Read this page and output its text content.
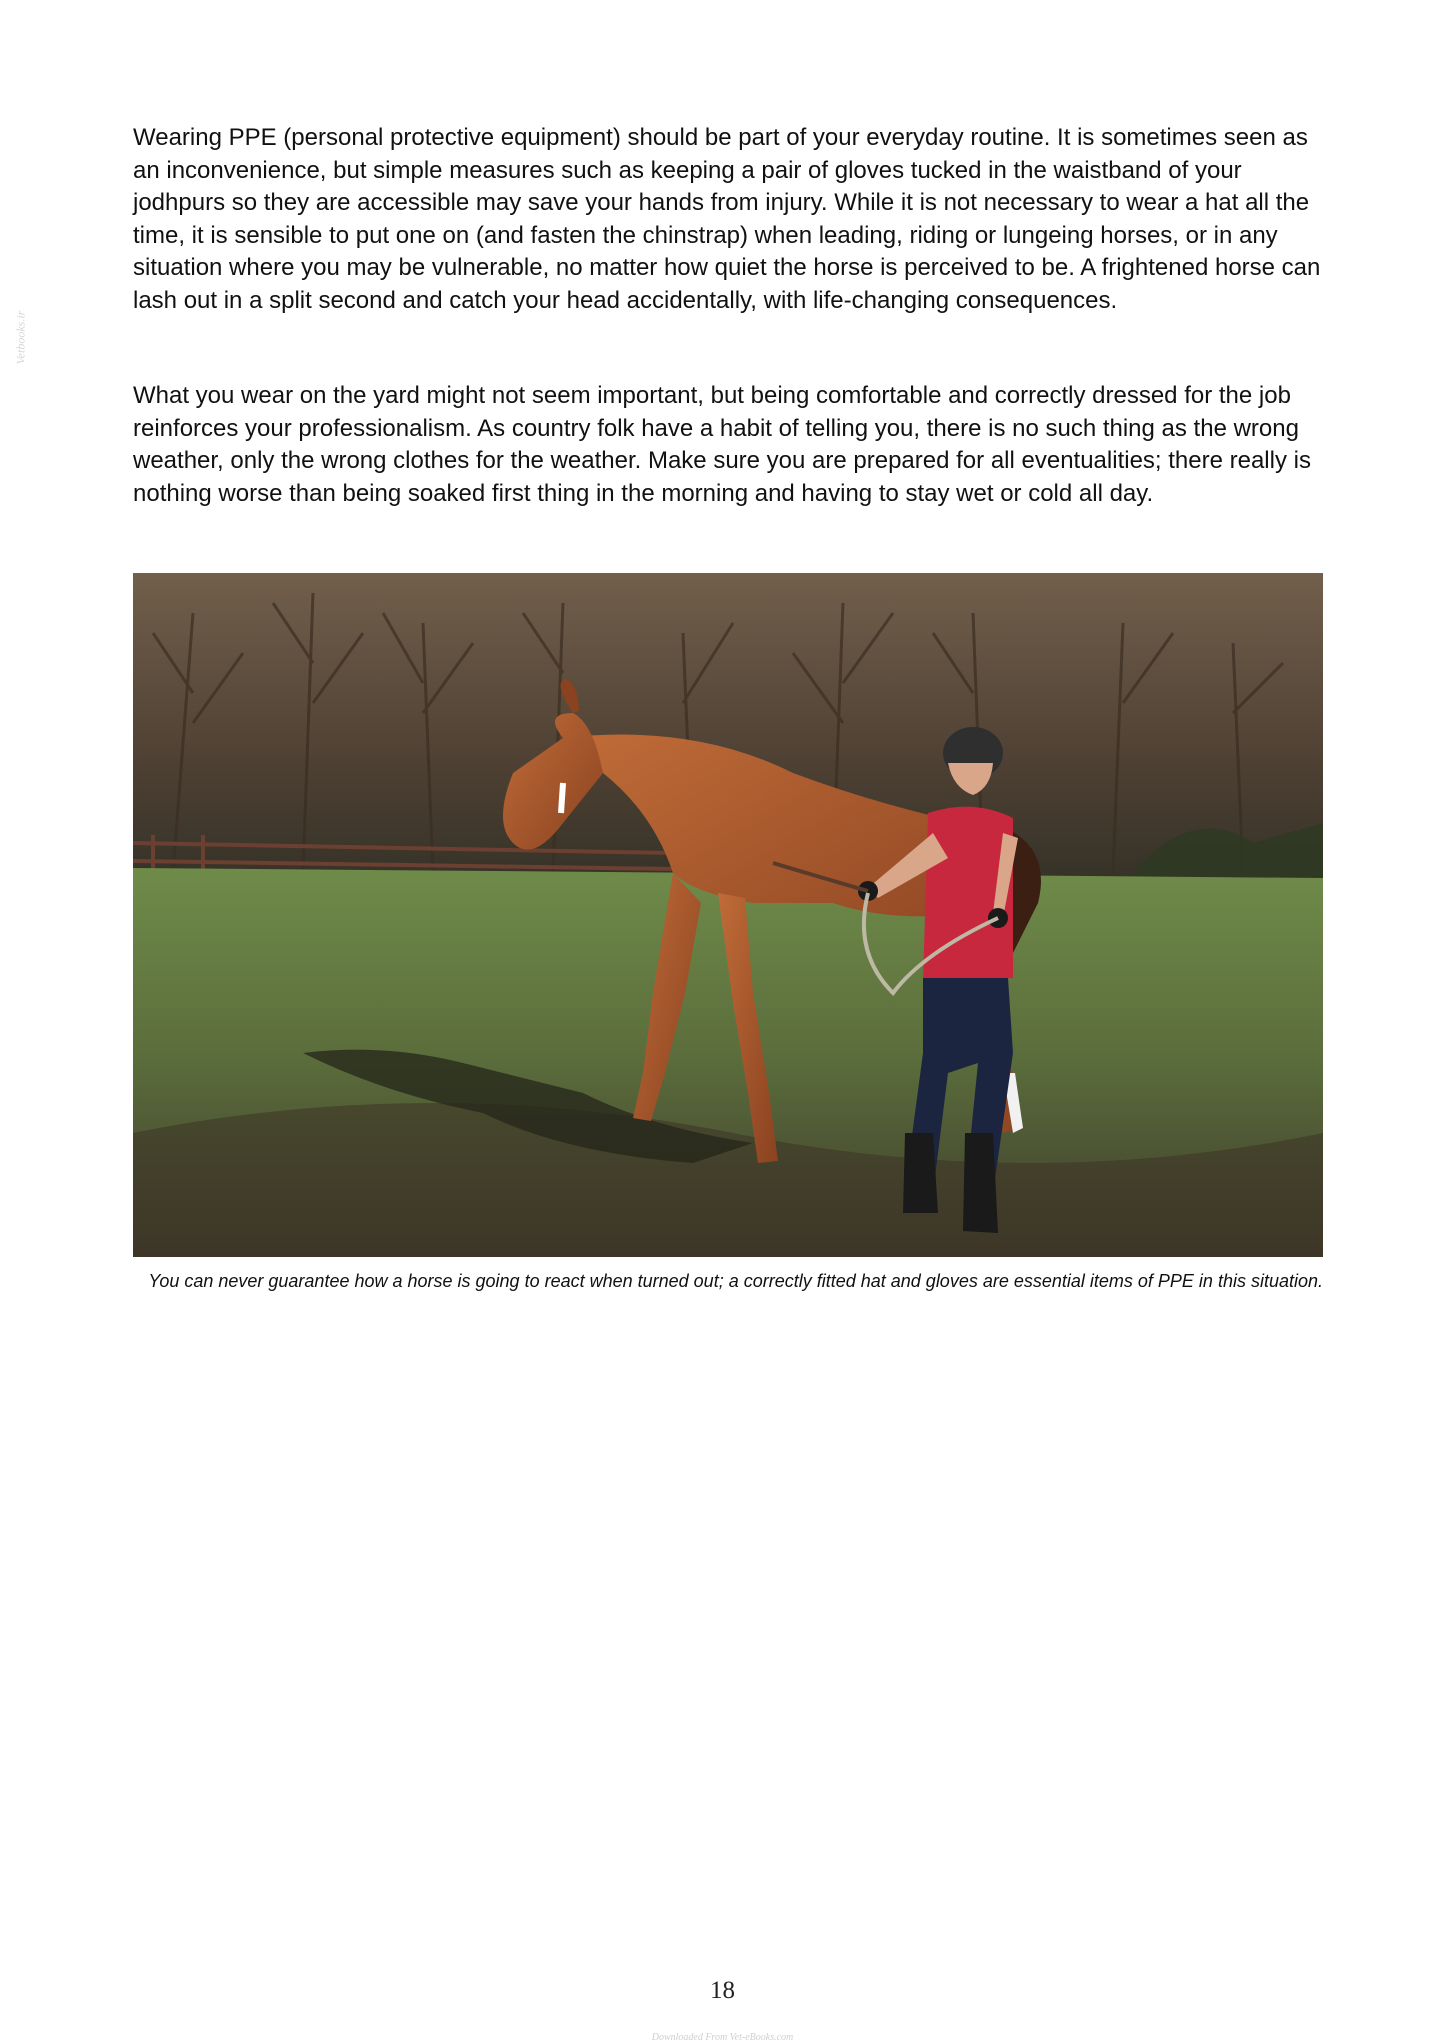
Vetbooks.ir

Wearing PPE (personal protective equipment) should be part of your everyday routine. It is sometimes seen as an inconvenience, but simple measures such as keeping a pair of gloves tucked in the waistband of your jodhpurs so they are accessible may save your hands from injury. While it is not necessary to wear a hat all the time, it is sensible to put one on (and fasten the chinstrap) when leading, riding or lungeing horses, or in any situation where you may be vulnerable, no matter how quiet the horse is perceived to be. A frightened horse can lash out in a split second and catch your head accidentally, with life-changing consequences.

What you wear on the yard might not seem important, but being comfortable and correctly dressed for the job reinforces your professionalism. As country folk have a habit of telling you, there is no such thing as the wrong weather, only the wrong clothes for the weather. Make sure you are prepared for all eventualities; there really is nothing worse than being soaked first thing in the morning and having to stay wet or cold all day.

You can never guarantee how a horse is going to react when turned out; a correctly fitted hat and gloves are essential items of PPE in this situation.
18
Downloaded From Vet-eBooks.com
